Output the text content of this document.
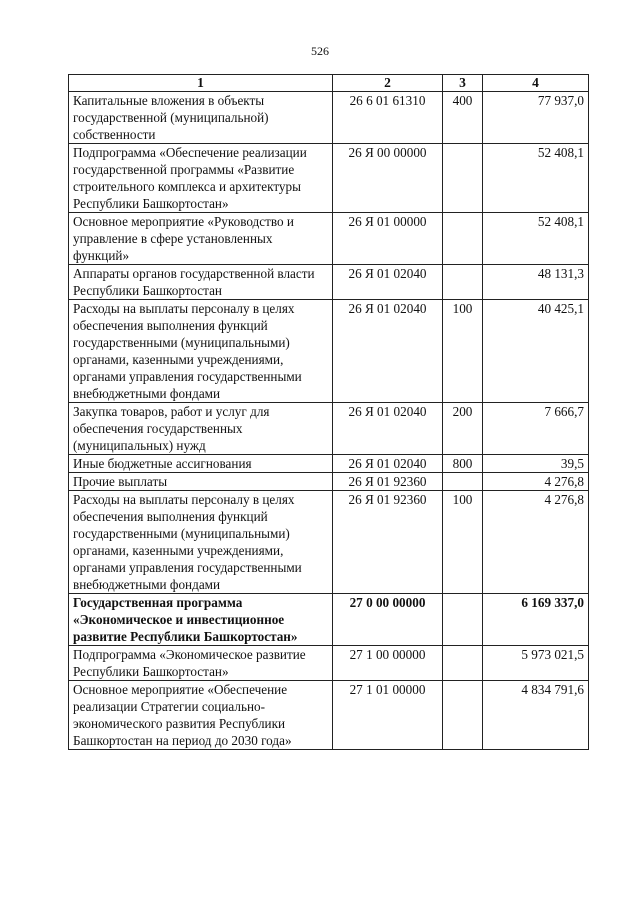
526
1	2	3	4
Капитальные вложения в объекты государственной (муниципальной) собственности	26 6 01 61310	400	77 937,0
Подпрограмма «Обеспечение реализации государственной программы «Развитие строительного комплекса и архитектуры Республики Башкортостан»	26 Я 00 00000		52 408,1
Основное мероприятие «Руководство и управление в сфере установленных функций»	26 Я 01 00000		52 408,1
Аппараты органов государственной власти Республики Башкортостан	26 Я 01 02040		48 131,3
Расходы на выплаты персоналу в целях обеспечения выполнения функций государственными (муниципальными) органами, казенными учреждениями, органами управления государственными внебюджетными фондами	26 Я 01 02040	100	40 425,1
Закупка товаров, работ и услуг для обеспечения государственных (муниципальных) нужд	26 Я 01 02040	200	7 666,7
Иные бюджетные ассигнования	26 Я 01 02040	800	39,5
Прочие выплаты	26 Я 01 92360		4 276,8
Расходы на выплаты персоналу в целях обеспечения выполнения функций государственными (муниципальными) органами, казенными учреждениями, органами управления государственными внебюджетными фондами	26 Я 01 92360	100	4 276,8
Государственная программа «Экономическое и инвестиционное развитие Республики Башкортостан»	27 0 00 00000		6 169 337,0
Подпрограмма «Экономическое развитие Республики Башкортостан»	27 1 00 00000		5 973 021,5
Основное мероприятие «Обеспечение реализации Стратегии социально-экономического развития Республики Башкортостан на период до 2030 года»	27 1 01 00000		4 834 791,6
